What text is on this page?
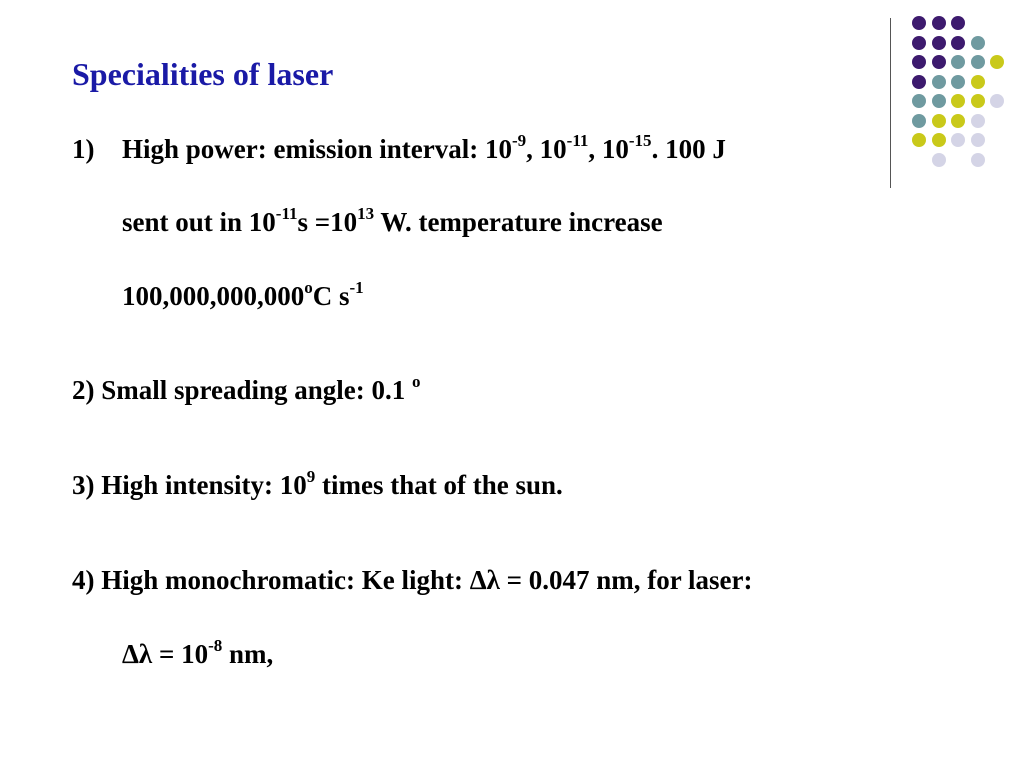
Specialities of laser
1) High power: emission interval: $10^{-9}$, $10^{-11}$, $10^{-15}$. 100 J
sent out in $10^{-11}s =10^{13}$ W. temperature increase
100,000,000,000$^o$C $s^{-1}$
2) Small spreading angle: 0.1 $^o$
3) High intensity: $10^9$ times that of the sun.
4) High monochromatic: Ke light: Δλ = 0.047 nm, for laser:
$\Delta\lambda = 10^{-8}$ nm,
